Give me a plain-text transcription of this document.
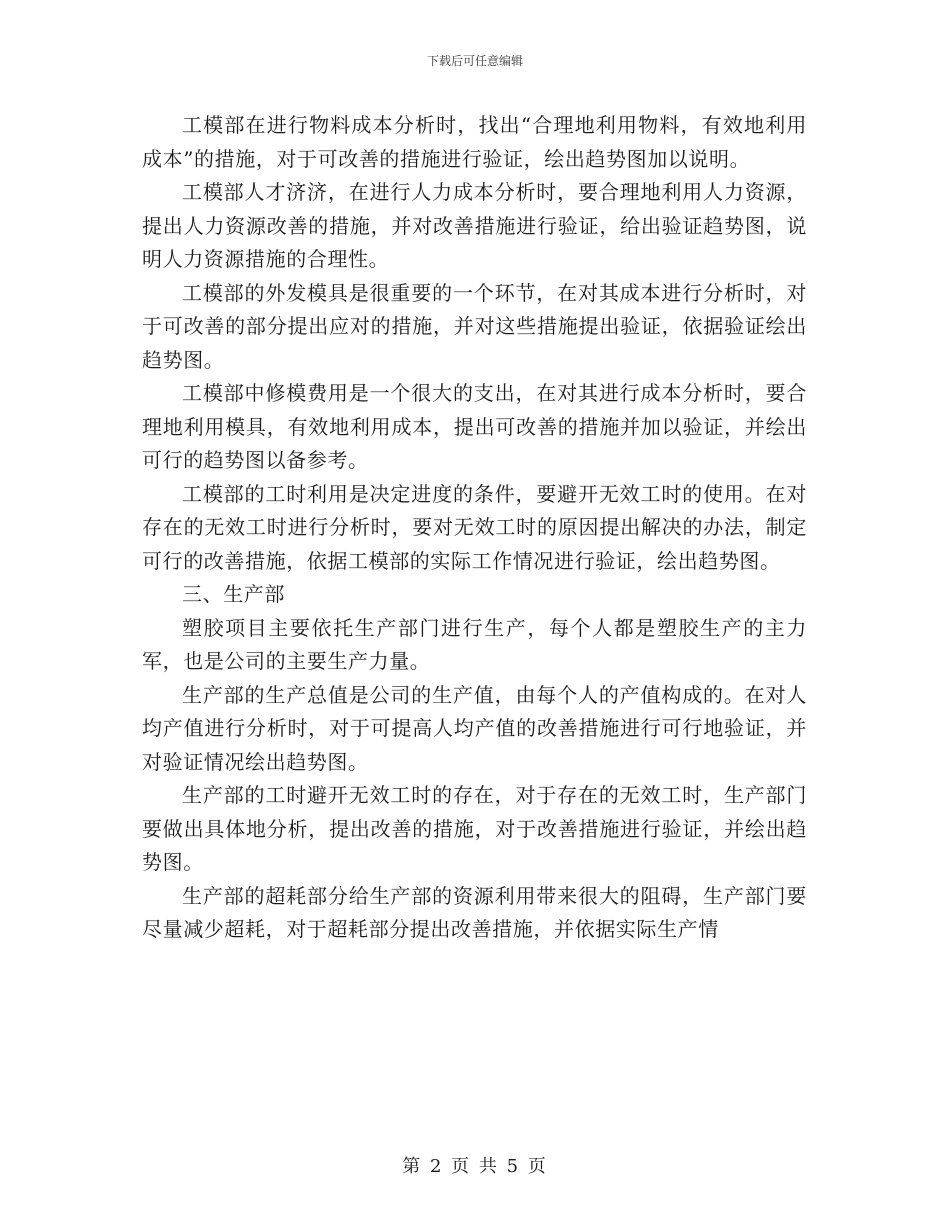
下载后可任意编辑

工模部在进行物料成本分析时，找出“合理地利用物料，有效地利用成本”的措施，对于可改善的措施进行验证，绘出趋势图加以说明。

工模部人才济济，在进行人力成本分析时，要合理地利用人力资源，提出人力资源改善的措施，并对改善措施进行验证，给出验证趋势图，说明人力资源措施的合理性。

工模部的外发模具是很重要的一个环节，在对其成本进行分析时，对于可改善的部分提出应对的措施，并对这些措施提出验证，依据验证绘出趋势图。

工模部中修模费用是一个很大的支出，在对其进行成本分析时，要合理地利用模具，有效地利用成本，提出可改善的措施并加以验证，并绘出可行的趋势图以备参考。

工模部的工时利用是决定进度的条件，要避开无效工时的使用。在对存在的无效工时进行分析时，要对无效工时的原因提出解决的办法，制定可行的改善措施，依据工模部的实际工作情况进行验证，绘出趋势图。

三、生产部

塑胶项目主要依托生产部门进行生产，每个人都是塑胶生产的主力军，也是公司的主要生产力量。

生产部的生产总值是公司的生产值，由每个人的产值构成的。在对人均产值进行分析时，对于可提高人均产值的改善措施进行可行地验证，并对验证情况绘出趋势图。

生产部的工时避开无效工时的存在，对于存在的无效工时，生产部门要做出具体地分析，提出改善的措施，对于改善措施进行验证，并绘出趋势图。

生产部的超耗部分给生产部的资源利用带来很大的阻碍，生产部门要尽量减少超耗，对于超耗部分提出改善措施，并依据实际生产情

第 2 页 共 5 页
